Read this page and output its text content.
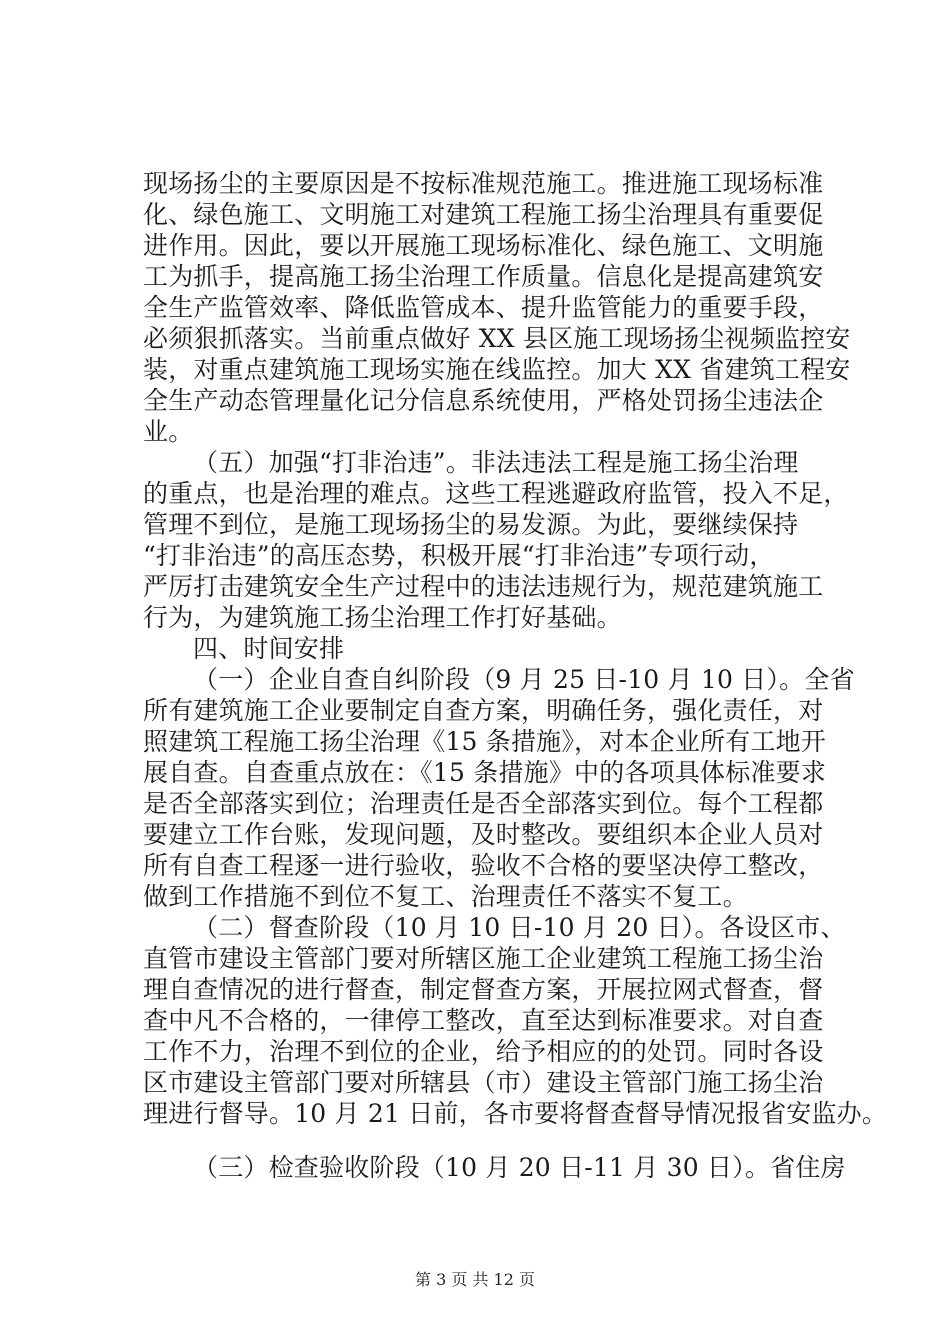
现场扬尘的主要原因是不按标准规范施工。推进施工现场标准
化、绿色施工、文明施工对建筑工程施工扬尘治理具有重要促
进作用。因此，要以开展施工现场标准化、绿色施工、文明施
工为抓手，提高施工扬尘治理工作质量。信息化是提高建筑安
全生产监管效率、降低监管成本、提升监管能力的重要手段，
必须狠抓落实。当前重点做好 XX 县区施工现场扬尘视频监控安
装，对重点建筑施工现场实施在线监控。加大 XX 省建筑工程安
全生产动态管理量化记分信息系统使用，严格处罚扬尘违法企
业。
（五）加强“打非治违”。非法违法工程是施工扬尘治理
的重点，也是治理的难点。这些工程逃避政府监管，投入不足，
管理不到位，是施工现场扬尘的易发源。为此，要继续保持
“打非治违”的高压态势，积极开展“打非治违”专项行动，
严厉打击建筑安全生产过程中的违法违规行为，规范建筑施工
行为，为建筑施工扬尘治理工作打好基础。
四、时间安排
（一）企业自查自纠阶段（9 月 25 日-10 月 10 日）。全省
所有建筑施工企业要制定自查方案，明确任务，强化责任，对
照建筑工程施工扬尘治理《15 条措施》，对本企业所有工地开
展自查。自查重点放在：《15 条措施》中的各项具体标准要求
是否全部落实到位；治理责任是否全部落实到位。每个工程都
要建立工作台账，发现问题，及时整改。要组织本企业人员对
所有自查工程逐一进行验收，验收不合格的要坚决停工整改，
做到工作措施不到位不复工、治理责任不落实不复工。
（二）督查阶段（10 月 10 日-10 月 20 日）。各设区市、
直管市建设主管部门要对所辖区施工企业建筑工程施工扬尘治
理自查情况的进行督查，制定督查方案，开展拉网式督查，督
查中凡不合格的，一律停工整改，直至达到标准要求。对自查
工作不力，治理不到位的企业，给予相应的的处罚。同时各设
区市建设主管部门要对所辖县（市）建设主管部门施工扬尘治
理进行督导。10 月 21 日前，各市要将督查督导情况报省安监办。
（三）检查验收阶段（10 月 20 日-11 月 30 日）。省住房
第 3 页 共 12 页
